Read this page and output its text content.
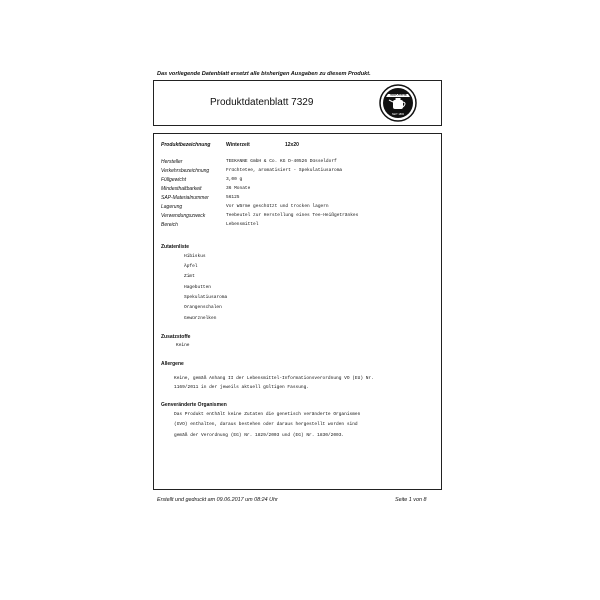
Das vorliegende Datenblatt ersetzt alle bisherigen Ausgaben zu diesem Produkt.
Produktdatenblatt 7329
TEEKANNE
SEIT 1882
Produktbezeichnung	Winterzeit	12x20
Hersteller	TEEKANNE GmbH & Co. KG D-40526 Düsseldorf
Verkehrsbezeichnung	Früchtetee, aromatisiert - Spekulatiusaroma
Füllgewicht	3,00 g
Mindesthaltbarkeit	36 Monate
SAP-Materialnummer	56125
Lagerung	Vor Wärme geschützt und trocken lagern
Verwendungszweck	Teebeutel zur Herstellung eines Tee-Heißgetränkes
Bereich	Lebensmittel
Zutatenliste
Hibiskus
Äpfel
Zimt
Hagebutten
Spekulatiusaroma
Orangenschalen
Gewürznelken
Zusatzstoffe
Keine
Allergene
Keine, gemäß Anhang II der Lebensmittel-Informationsverordnung VO (EU) Nr.
1169/2011 in der jeweils aktuell gültigen Fassung.
Genveränderte Organismen
Das Produkt enthält keine Zutaten die genetisch veränderte Organismen
(GVO) enthalten, daraus bestehen oder daraus hergestellt worden sind
gemäß der Verordnung (EG) Nr. 1829/2003 und (EG) Nr. 1830/2003.
Erstellt und gedruckt am 09.06.2017 um 08:24 Uhr	Seite 1 von 8
